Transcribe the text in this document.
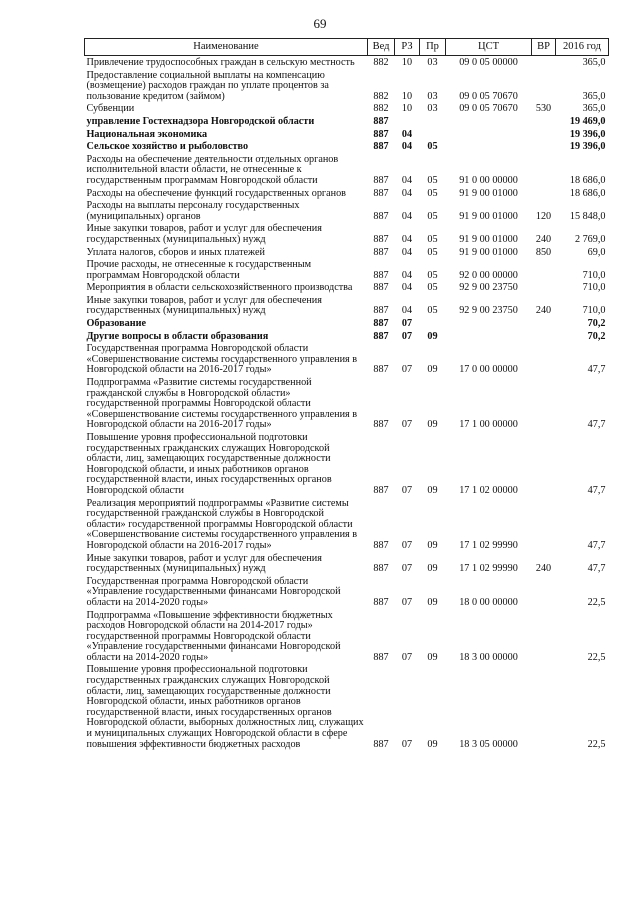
69
Наименование	Вед	РЗ	Пр	ЦСТ	ВР	2016 год
Привлечение трудоспособных граждан в сельскую местность	882	10	03	09 0 05 00000		365,0
Предоставление социальной выплаты на компенсацию (возмещение) расходов граждан по уплате процентов за пользование кредитом (займом)	882	10	03	09 0 05 70670		365,0
Субвенции	882	10	03	09 0 05 70670	530	365,0
управление Гостехнадзора Новгородской области	887					19 469,0
Национальная экономика	887	04				19 396,0
Сельское хозяйство и рыболовство	887	04	05			19 396,0
Расходы на обеспечение деятельности отдельных органов исполнительной власти области, не отнесенные к государственным программам Новгородской области	887	04	05	91 0 00 00000		18 686,0
Расходы на обеспечение функций государственных органов	887	04	05	91 9 00 01000		18 686,0
Расходы на выплаты персоналу государственных (муниципальных) органов	887	04	05	91 9 00 01000	120	15 848,0
Иные закупки товаров, работ и услуг для обеспечения государственных (муниципальных) нужд	887	04	05	91 9 00 01000	240	2 769,0
Уплата налогов, сборов и иных платежей	887	04	05	91 9 00 01000	850	69,0
Прочие расходы, не отнесенные к государственным программам Новгородской области	887	04	05	92 0 00 00000		710,0
Мероприятия в области сельскохозяйственного производства	887	04	05	92 9 00 23750		710,0
Иные закупки товаров, работ и услуг для обеспечения государственных (муниципальных) нужд	887	04	05	92 9 00 23750	240	710,0
Образование	887	07				70,2
Другие вопросы в области образования	887	07	09			70,2
Государственная программа Новгородской области «Совершенствование системы государственного управления в Новгородской области на 2016-2017 годы»	887	07	09	17 0 00 00000		47,7
Подпрограмма «Развитие системы государственной гражданской службы в Новгородской области» государственной программы Новгородской области «Совершенствование системы государственного управления в Новгородской области на 2016-2017 годы»	887	07	09	17 1 00 00000		47,7
Повышение уровня профессиональной подготовки государственных гражданских служащих Новгородской области, лиц, замещающих государственные должности Новгородской области, и иных работников органов государственной власти, иных государственных органов Новгородской области	887	07	09	17 1 02 00000		47,7
Реализация мероприятий подпрограммы «Развитие системы государственной гражданской службы в Новгородской области» государственной программы Новгородской области «Совершенствование системы государственного управления в Новгородской области на 2016-2017 годы»	887	07	09	17 1 02 99990		47,7
Иные закупки товаров, работ и услуг для обеспечения государственных (муниципальных) нужд	887	07	09	17 1 02 99990	240	47,7
Государственная программа Новгородской области «Управление государственными финансами Новгородской области на 2014-2020 годы»	887	07	09	18 0 00 00000		22,5
Подпрограмма «Повышение эффективности бюджетных расходов Новгородской области на 2014-2017 годы» государственной программы Новгородской области «Управление государственными финансами Новгородской области на 2014-2020 годы»	887	07	09	18 3 00 00000		22,5
Повышение уровня профессиональной подготовки государственных гражданских служащих Новгородской области, лиц, замещающих государственные должности Новгородской области, иных работников органов государственной власти, иных государственных органов Новгородской области, выборных должностных лиц, служащих и муниципальных служащих Новгородской области в сфере повышения эффективности бюджетных расходов	887	07	09	18 3 05 00000		22,5
